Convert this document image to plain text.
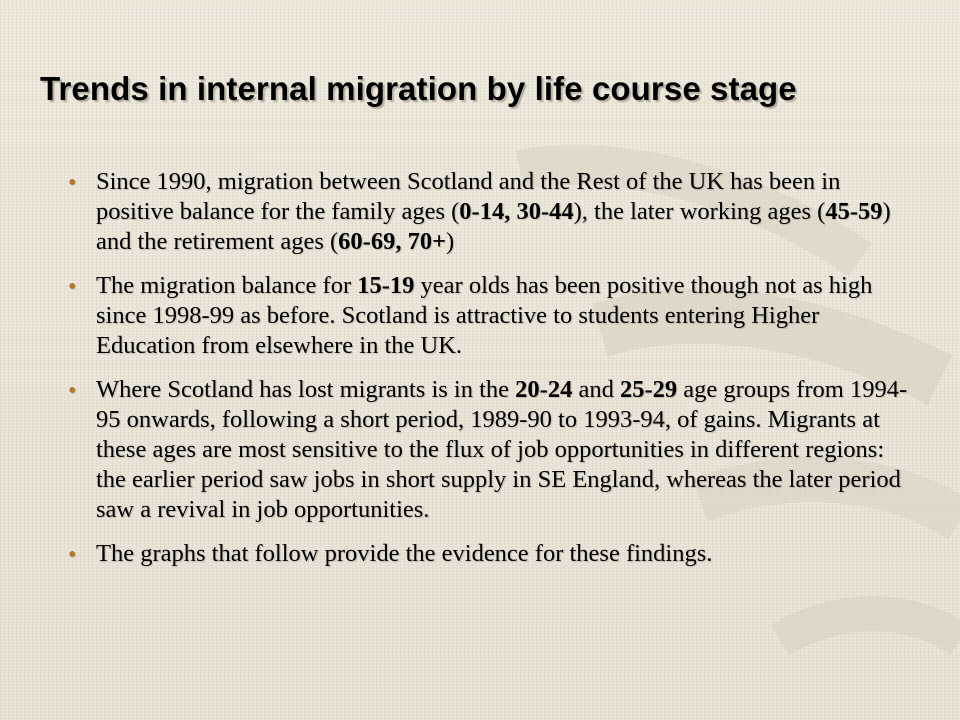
Trends in internal migration by life course stage
• Since 1990, migration between Scotland and the Rest of the UK has been in positive balance for the family ages (0-14, 30-44), the later working ages (45-59) and the retirement ages (60-69, 70+)
• The migration balance for 15-19 year olds has been positive though not as high since 1998-99 as before. Scotland is attractive to students entering Higher Education from elsewhere in the UK.
• Where Scotland has lost migrants is in the 20-24 and 25-29 age groups from 1994-95 onwards, following a short period, 1989-90 to 1993-94, of gains. Migrants at these ages are most sensitive to the flux of job opportunities in different regions: the earlier period saw jobs in short supply in SE England, whereas the later period saw a revival in job opportunities.
• The graphs that follow provide the evidence for these findings.
